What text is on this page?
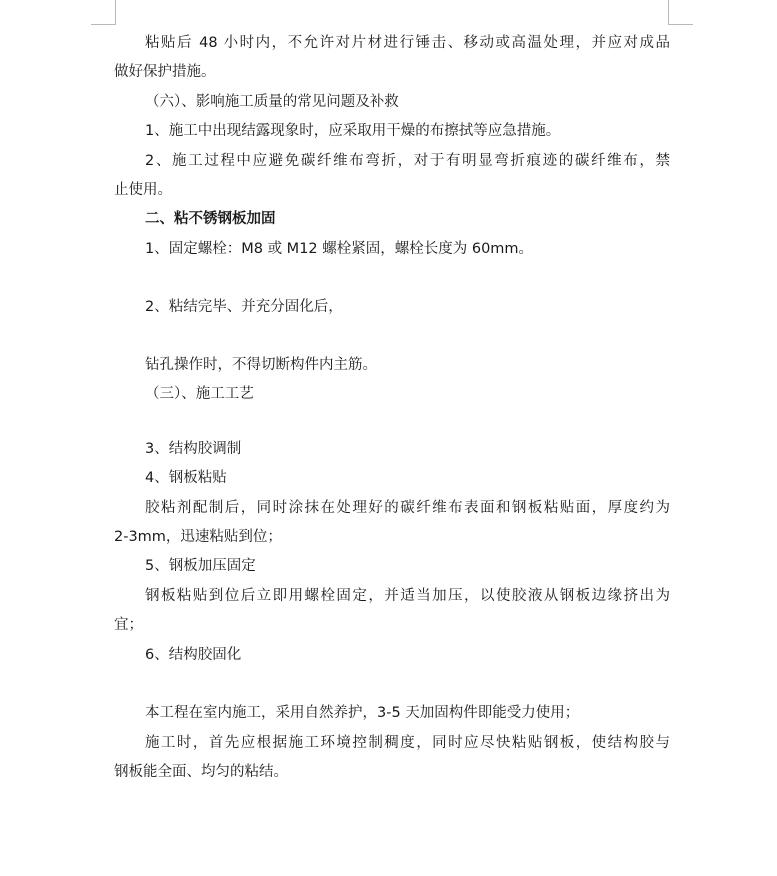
粘贴后 48 小时内，不允许对片材进行锤击、移动或高温处理，并应对成品
做好保护措施。
（六）、影响施工质量的常见问题及补救
1、施工中出现结露现象时，应采取用干燥的布擦拭等应急措施。
2、施工过程中应避免碳纤维布弯折，对于有明显弯折痕迹的碳纤维布，禁
止使用。
二、粘不锈钢板加固
1、固定螺栓：M8 或 M12 螺栓紧固，螺栓长度为 60mm。
2、粘结完毕、并充分固化后，
钻孔操作时，不得切断构件内主筋。
（三）、施工工艺
3、结构胶调制
4、钢板粘贴
胶粘剂配制后，同时涂抹在处理好的碳纤维布表面和钢板粘贴面，厚度约为
2-3mm，迅速粘贴到位；
5、钢板加压固定
钢板粘贴到位后立即用螺栓固定，并适当加压，以使胶液从钢板边缘挤出为
宜；
6、结构胶固化
本工程在室内施工，采用自然养护，3-5 天加固构件即能受力使用；
施工时，首先应根据施工环境控制稠度，同时应尽快粘贴钢板，使结构胶与
钢板能全面、均匀的粘结。
